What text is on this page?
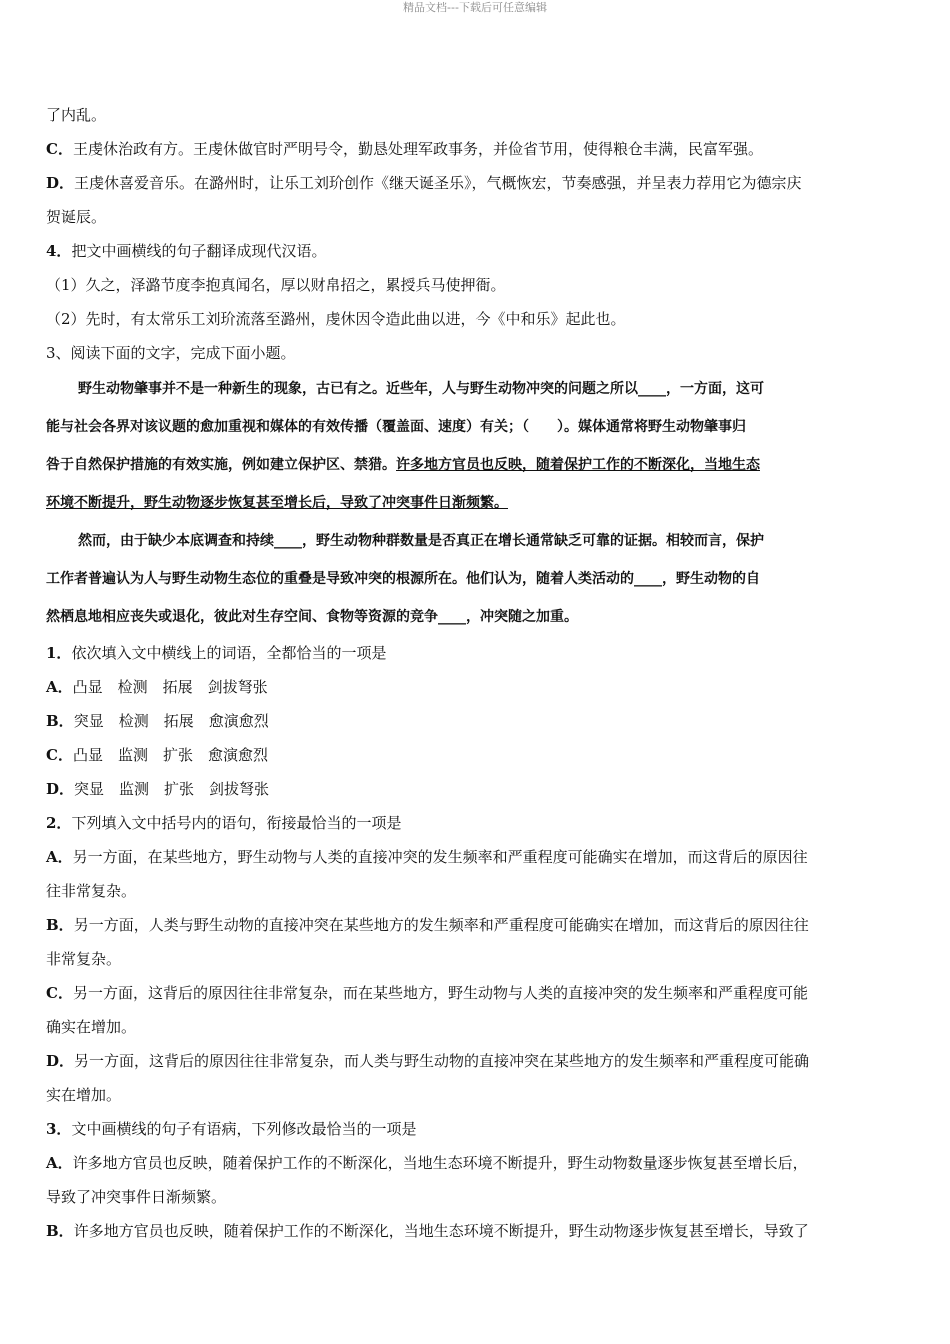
精品文档---下载后可任意编辑
了内乱。
C．王虔休治政有方。王虔休做官时严明号令，勤恳处理军政事务，并俭省节用，使得粮仓丰满，民富军强。
D．王虔休喜爱音乐。在潞州时，让乐工刘玠创作《继天诞圣乐》，气概恢宏，节奏感强，并呈表力荐用它为德宗庆
贺诞辰。
4．把文中画横线的句子翻译成现代汉语。
（1）久之，泽潞节度李抱真闻名，厚以财帛招之，累授兵马使押衙。
（2）先时，有太常乐工刘玠流落至潞州，虔休因令造此曲以进，今《中和乐》起此也。
3、阅读下面的文字，完成下面小题。
野生动物肇事并不是一种新生的现象，古已有之。近些年，人与野生动物冲突的问题之所以____，一方面，这可
能与社会各界对该议题的愈加重视和媒体的有效传播（覆盖面、速度）有关；（　　）。媒体通常将野生动物肇事归
咎于自然保护措施的有效实施，例如建立保护区、禁猎。许多地方官员也反映，随着保护工作的不断深化，当地生态
环境不断提升，野生动物逐步恢复甚至增长后，导致了冲突事件日渐频繁。
然而，由于缺少本底调查和持续____，野生动物种群数量是否真正在增长通常缺乏可靠的证据。相较而言，保护
工作者普遍认为人与野生动物生态位的重叠是导致冲突的根源所在。他们认为，随着人类活动的____，野生动物的自
然栖息地相应丧失或退化，彼此对生存空间、食物等资源的竞争____，冲突随之加重。
1．依次填入文中横线上的词语，全都恰当的一项是
A．凸显　检测　拓展　剑拔弩张
B．突显　检测　拓展　愈演愈烈
C．凸显　监测　扩张　愈演愈烈
D．突显　监测　扩张　剑拔弩张
2．下列填入文中括号内的语句，衔接最恰当的一项是
A．另一方面，在某些地方，野生动物与人类的直接冲突的发生频率和严重程度可能确实在增加，而这背后的原因往
往非常复杂。
B．另一方面，人类与野生动物的直接冲突在某些地方的发生频率和严重程度可能确实在增加，而这背后的原因往往
非常复杂。
C．另一方面，这背后的原因往往非常复杂，而在某些地方，野生动物与人类的直接冲突的发生频率和严重程度可能
确实在增加。
D．另一方面，这背后的原因往往非常复杂，而人类与野生动物的直接冲突在某些地方的发生频率和严重程度可能确
实在增加。
3．文中画横线的句子有语病，下列修改最恰当的一项是
A．许多地方官员也反映，随着保护工作的不断深化，当地生态环境不断提升，野生动物数量逐步恢复甚至增长后，
导致了冲突事件日渐频繁。
B．许多地方官员也反映，随着保护工作的不断深化，当地生态环境不断提升，野生动物逐步恢复甚至增长，导致了
